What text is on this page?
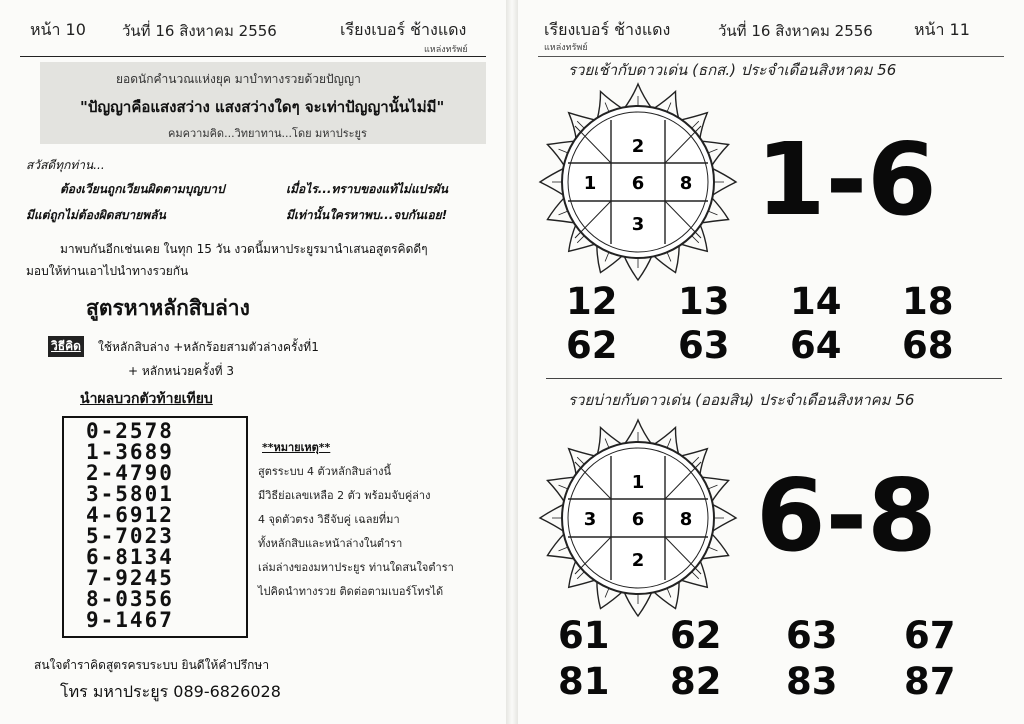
หน้า 10 วันที่ 16 สิงหาคม 2556	เรียงเบอร์ ช้างแดง
แหล่งทรัพย์
ยอดนักคำนวณแห่งยุค มาบำทางรวยด้วยปัญญา
"ปัญญาคือแสงสว่าง แสงสว่างใดๆ จะเท่าปัญญานั้นไม่มี"
คมความคิด...วิทยาทาน...โดย มหาประยูร
สวัสดีทุกท่าน...
ต้องเวียนถูกเวียนผิดตามบุญบาป	เมื่อไร...ทราบของแท้ไม่แปรผัน
มีแต่ถูกไม่ต้องผิดสบายพลัน	มีเท่านั้นใครหาพบ...จบกันเอย!
มาพบกันอีกเช่นเคย ในทุก 15 วัน งวดนี้มหาประยูรมานำเสนอสูตรคิดดีๆ
มอบให้ท่านเอาไปนำทางรวยกัน
สูตรหาหลักสิบล่าง
วิธีคิด ใช้หลักสิบล่าง +หลักร้อยสามตัวล่างครั้งที่1
+ หลักหน่วยครั้งที่ 3
นำผลบวกตัวท้ายเทียบ
0-2578
1-3689
2-4790
3-5801
4-6912
5-7023
6-8134
7-9245
8-0356
9-1467
**หมายเหตุ**
สูตรระบบ 4 ตัวหลักสิบล่างนี้
มีวิธีย่อเลขเหลือ 2 ตัว พร้อมจับคู่ล่าง
4 จุดตัวตรง วิธีจับคู่ เฉลยที่มา
ทั้งหลักสิบและหน้าล่างในตำรา
เล่มล่างของมหาประยูร ท่านใดสนใจตำรา
ไปคิดนำทางรวย ติดต่อตามเบอร์โทรได้
สนใจตำราคิดสูตรครบระบบ ยินดีให้คำปรึกษา
โทร มหาประยูร 089-6826028
เรียงเบอร์ ช้างแดง
แหล่งทรัพย์
วันที่ 16 สิงหาคม 2556	หน้า 11
รวยเช้ากับดาวเด่น (ธกส.) ประจำเดือนสิงหาคม 56
2
1 6 8
3 1-6
12 13 14 18
62 63 64 68
รวยบ่ายกับดาวเด่น (ออมสิน) ประจำเดือนสิงหาคม 56
1
3 6 8
2 6-8
61 62 63 67
81 82 83 87
